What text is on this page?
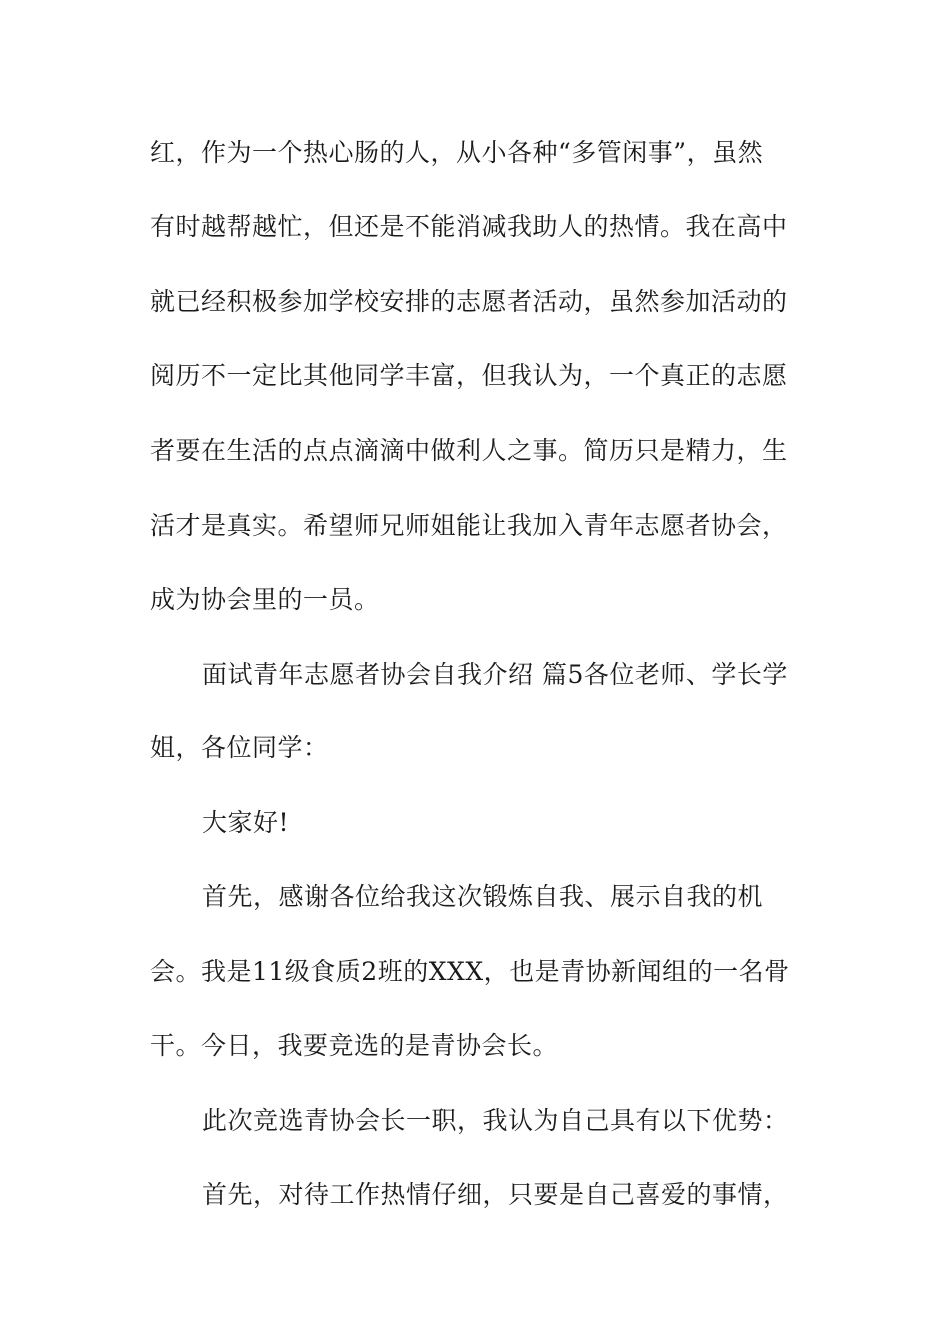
红，作为一个热心肠的人，从小各种“多管闲事”，虽然
有时越帮越忙，但还是不能消减我助人的热情。我在高中
就已经积极参加学校安排的志愿者活动，虽然参加活动的
阅历不一定比其他同学丰富，但我认为，一个真正的志愿
者要在生活的点点滴滴中做利人之事。简历只是精力，生
活才是真实。希望师兄师姐能让我加入青年志愿者协会，
成为协会里的一员。
面试青年志愿者协会自我介绍 篇5各位老师、学长学
姐，各位同学：
大家好!
首先，感谢各位给我这次锻炼自我、展示自我的机
会。我是11级食质2班的XXX，也是青协新闻组的一名骨
干。今日，我要竞选的是青协会长。
此次竞选青协会长一职，我认为自己具有以下优势：
首先，对待工作热情仔细，只要是自己喜爱的事情，
